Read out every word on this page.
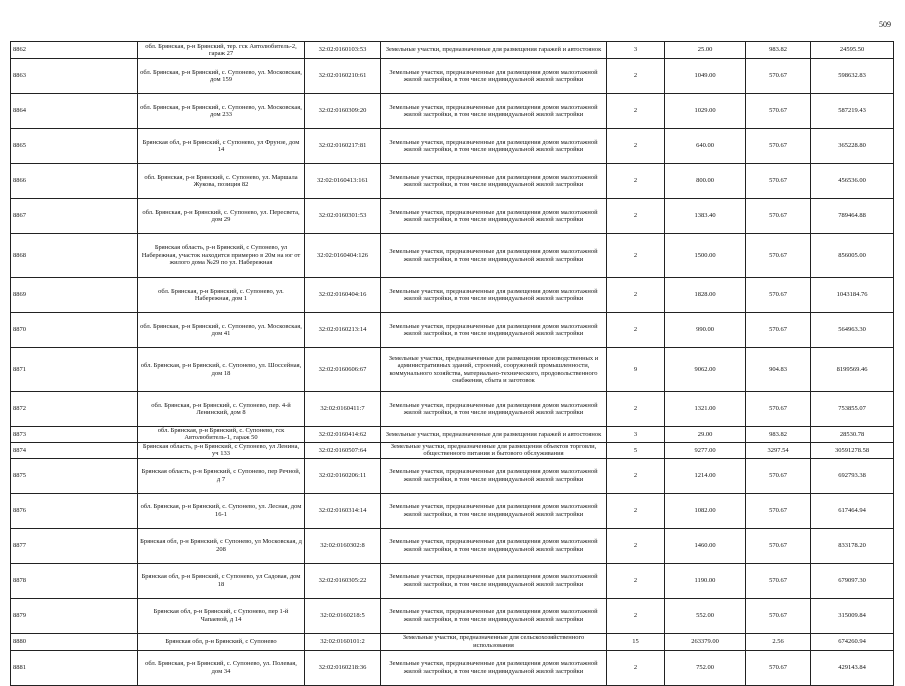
509
8862	обл. Брянская, р-н Брянский, тер. гск Автолюбитель-2, гараж 27	32:02:0160103:53	Земельные участки, предназначенные для размещения гаражей и автостоянок	3	25.00	983.82	24595.50
8863	обл. Брянская, р-н Брянский, с. Супонево, ул. Московская, дом 159	32:02:0160210:61	Земельные участки, предназначенные для размещения домов малоэтажной жилой застройки, в том числе индивидуальной жилой застройки	2	1049.00	570.67	598632.83
8864	обл. Брянская, р-н Брянский, с. Супонево, ул. Московская, дом 233	32:02:0160309:20	Земельные участки, предназначенные для размещения домов малоэтажной жилой застройки, в том числе индивидуальной жилой застройки	2	1029.00	570.67	587219.43
8865	Брянская обл, р-н Брянский, с Супонево, ул Фрунзе, дом 14	32:02:0160217:81	Земельные участки, предназначенные для размещения домов малоэтажной жилой застройки, в том числе индивидуальной жилой застройки	2	640.00	570.67	365228.80
8866	обл. Брянская, р-н Брянский, с. Супонево, ул. Маршала Жукова, позиция 82	32:02:0160413:161	Земельные участки, предназначенные для размещения домов малоэтажной жилой застройки, в том числе индивидуальной жилой застройки	2	800.00	570.67	456536.00
8867	обл. Брянская, р-н Брянский, с. Супонево, ул. Пересвета, дом 29	32:02:0160301:53	Земельные участки, предназначенные для размещения домов малоэтажной жилой застройки, в том числе индивидуальной жилой застройки	2	1383.40	570.67	789464.88
8868	Брянская область, р-н Брянский, с Супонево, ул Набережная, участок находится примерно в 20м на юг от жилого дома №29 по ул. Набережная	32:02:0160404:126	Земельные участки, предназначенные для размещения домов малоэтажной жилой застройки, в том числе индивидуальной жилой застройки	2	1500.00	570.67	856005.00
8869	обл. Брянская, р-н Брянский, с. Супонево, ул. Набережная, дом 1	32:02:0160404:16	Земельные участки, предназначенные для размещения домов малоэтажной жилой застройки, в том числе индивидуальной жилой застройки	2	1828.00	570.67	1043184.76
8870	обл. Брянская, р-н Брянский, с. Супонево, ул. Московская, дом 41	32:02:0160213:14	Земельные участки, предназначенные для размещения домов малоэтажной жилой застройки, в том числе индивидуальной жилой застройки	2	990.00	570.67	564963.30
8871	обл. Брянская, р-н Брянский, с. Супонево, ул. Шоссейная, дом 18	32:02:0160606:67	Земельные участки, предназначенные для размещения производственных и административных зданий, строений, сооружений промышленности, коммунального хозяйства, материально-технического, продовольственного снабжения, сбыта и заготовок	9	9062.00	904.83	8199569.46
8872	обл. Брянская, р-н Брянский, с. Супонево, пер. 4-й Ленинский, дом 8	32:02:0160411:7	Земельные участки, предназначенные для размещения домов малоэтажной жилой застройки, в том числе индивидуальной жилой застройки	2	1321.00	570.67	753855.07
8873	обл. Брянская, р-н Брянский, с. Супонево, гск Автолюбитель-1, гараж 50	32:02:0160414:62	Земельные участки, предназначенные для размещения гаражей и автостоянок	3	29.00	983.82	28530.78
8874	Брянская область, р-н Брянский, с Супонево, ул Ленина, уч 133	32:02:0160507:64	Земельные участки, предназначенные для размещения объектов торговли, общественного питания и бытового обслуживания	5	9277.00	3297.54	30591278.58
8875	Брянская область, р-н Брянский, с Супонево, пер Речной, д 7	32:02:0160206:11	Земельные участки, предназначенные для размещения домов малоэтажной жилой застройки, в том числе индивидуальной жилой застройки	2	1214.00	570.67	692793.38
8876	обл. Брянская, р-н Брянский, с. Супонево, ул. Лесная, дом 16-1	32:02:0160314:14	Земельные участки, предназначенные для размещения домов малоэтажной жилой застройки, в том числе индивидуальной жилой застройки	2	1082.00	570.67	617464.94
8877	Брянская обл, р-н Брянский, с Супонево, ул Московская, д 208	32:02:0160302:8	Земельные участки, предназначенные для размещения домов малоэтажной жилой застройки, в том числе индивидуальной жилой застройки	2	1460.00	570.67	833178.20
8878	Брянская обл, р-н Брянский, с Супонево, ул Садовая, дом 18	32:02:0160305:22	Земельные участки, предназначенные для размещения домов малоэтажной жилой застройки, в том числе индивидуальной жилой застройки	2	1190.00	570.67	679097.30
8879	Брянская обл, р-н Брянский, с Супонево, пер 1-й Чапаевой, д 14	32:02:0160218:5	Земельные участки, предназначенные для размещения домов малоэтажной жилой застройки, в том числе индивидуальной жилой застройки	2	552.00	570.67	315009.84
8880	Брянская обл, р-н Брянский, с Супонево	32:02:0160101:2	Земельные участки, предназначенные для сельскохозяйственного использования	15	263379.00	2.56	674260.94
8881	обл. Брянская, р-н Брянский, с. Супонево, ул. Полевая, дом 34	32:02:0160218:36	Земельные участки, предназначенные для размещения домов малоэтажной жилой застройки, в том числе индивидуальной жилой застройки	2	752.00	570.67	429143.84
